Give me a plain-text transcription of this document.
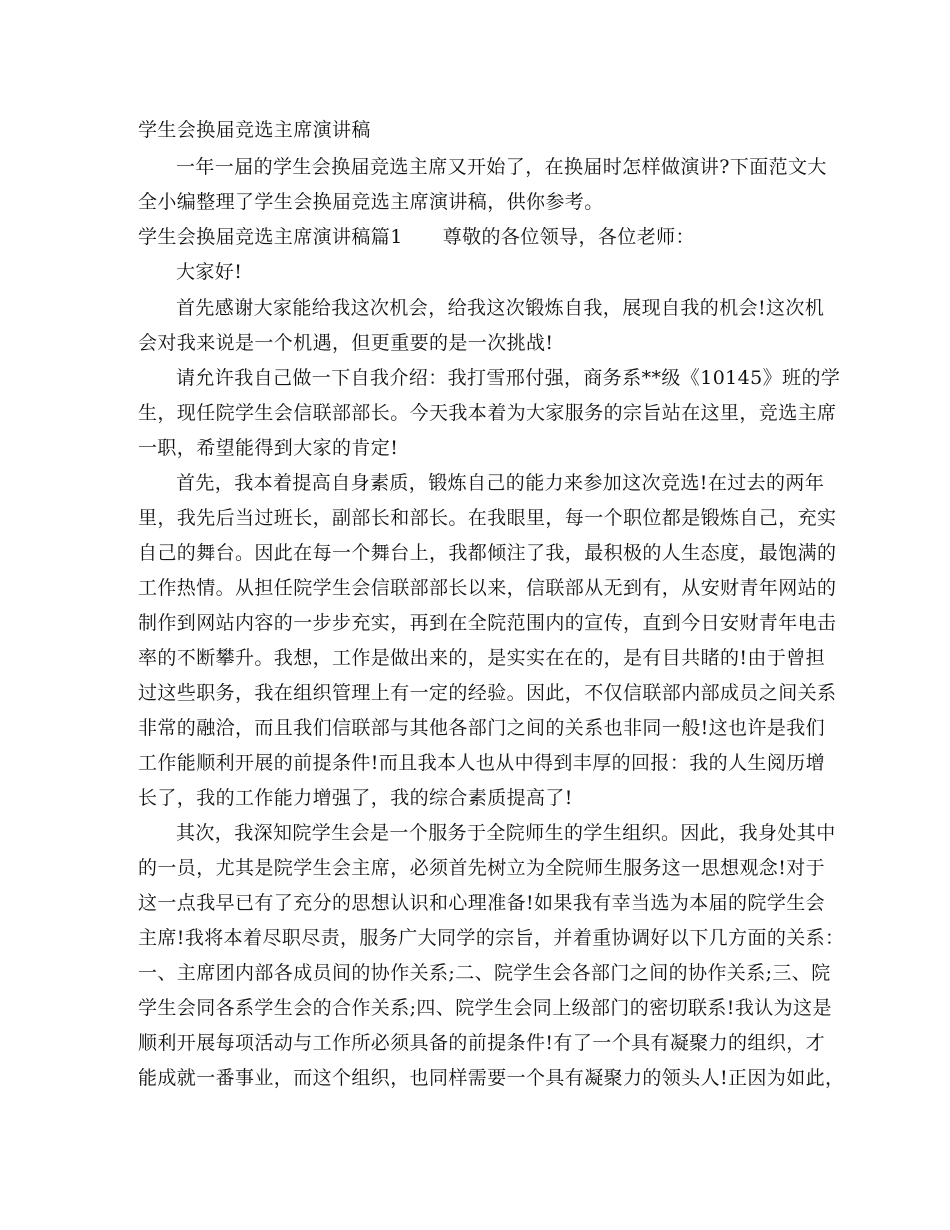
学生会换届竞选主席演讲稿
一年一届的学生会换届竞选主席又开始了，在换届时怎样做演讲?下面范文大
全小编整理了学生会换届竞选主席演讲稿，供你参考。
学生会换届竞选主席演讲稿篇1 尊敬的各位领导，各位老师：
大家好!
首先感谢大家能给我这次机会，给我这次锻炼自我，展现自我的机会!这次机
会对我来说是一个机遇，但更重要的是一次挑战!
请允许我自己做一下自我介绍：我打雪邢付强，商务系**级《10145》班的学
生，现任院学生会信联部部长。今天我本着为大家服务的宗旨站在这里，竞选主席
一职，希望能得到大家的肯定!
首先，我本着提高自身素质，锻炼自己的能力来参加这次竞选!在过去的两年
里，我先后当过班长，副部长和部长。在我眼里，每一个职位都是锻炼自己，充实
自己的舞台。因此在每一个舞台上，我都倾注了我，最积极的人生态度，最饱满的
工作热情。从担任院学生会信联部部长以来，信联部从无到有，从安财青年网站的
制作到网站内容的一步步充实，再到在全院范围内的宣传，直到今日安财青年电击
率的不断攀升。我想，工作是做出来的，是实实在在的，是有目共睹的!由于曾担
过这些职务，我在组织管理上有一定的经验。因此，不仅信联部内部成员之间关系
非常的融洽，而且我们信联部与其他各部门之间的关系也非同一般!这也许是我们
工作能顺利开展的前提条件!而且我本人也从中得到丰厚的回报：我的人生阅历增
长了，我的工作能力增强了，我的综合素质提高了!
其次，我深知院学生会是一个服务于全院师生的学生组织。因此，我身处其中
的一员，尤其是院学生会主席，必须首先树立为全院师生服务这一思想观念!对于
这一点我早已有了充分的思想认识和心理准备!如果我有幸当选为本届的院学生会
主席!我将本着尽职尽责，服务广大同学的宗旨，并着重协调好以下几方面的关系：
一、主席团内部各成员间的协作关系;二、院学生会各部门之间的协作关系;三、院
学生会同各系学生会的合作关系;四、院学生会同上级部门的密切联系!我认为这是
顺利开展每项活动与工作所必须具备的前提条件!有了一个具有凝聚力的组织，才
能成就一番事业，而这个组织，也同样需要一个具有凝聚力的领头人!正因为如此，
